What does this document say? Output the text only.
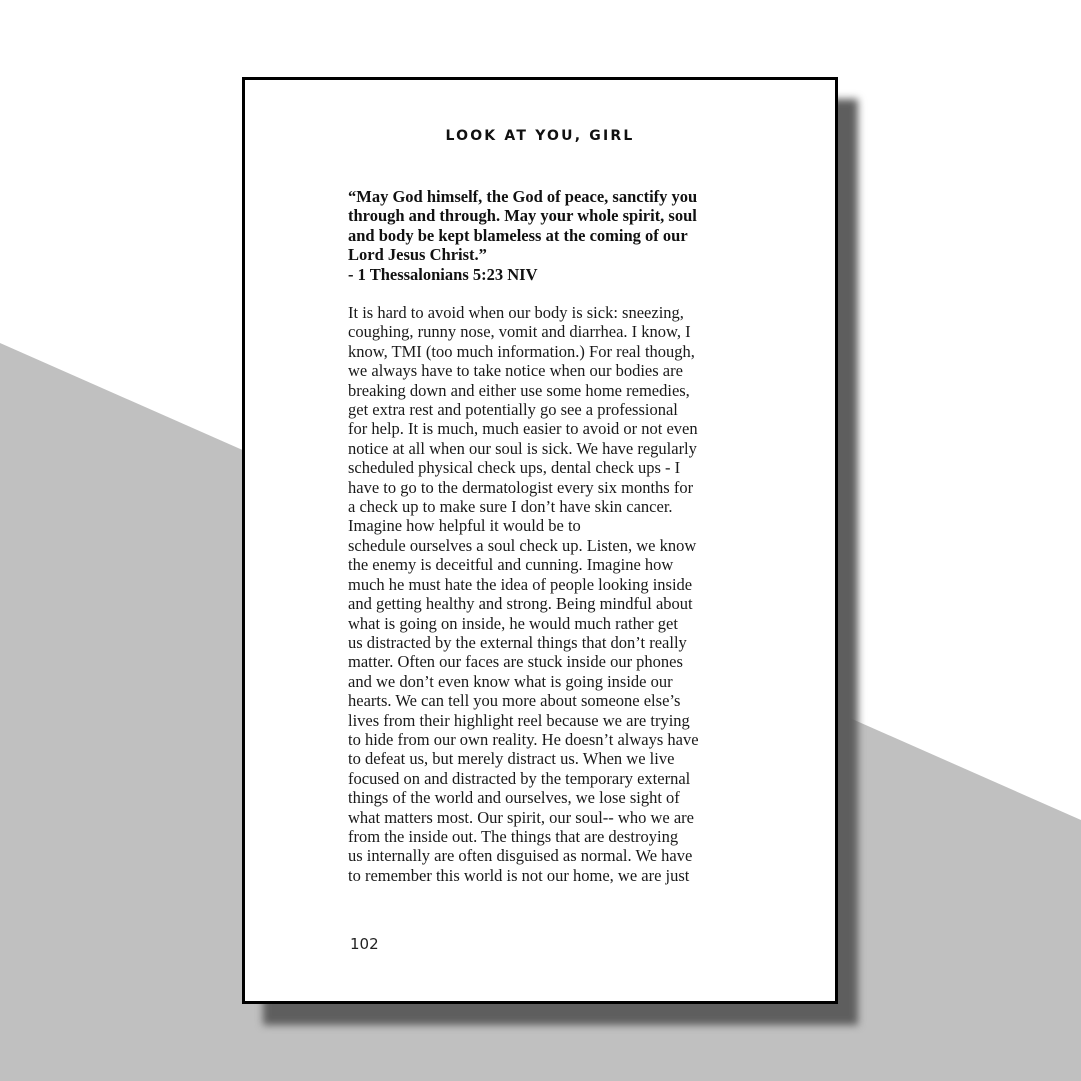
LOOK AT YOU, GIRL
“May God himself, the God of peace, sanctify you
through and through. May your whole spirit, soul
and body be kept blameless at the coming of our
Lord Jesus Christ.”
- 1 Thessalonians 5:23 NIV
It is hard to avoid when our body is sick: sneezing,
coughing, runny nose, vomit and diarrhea. I know, I
know, TMI (too much information.) For real though,
we always have to take notice when our bodies are
breaking down and either use some home remedies,
get extra rest and potentially go see a professional
for help. It is much, much easier to avoid or not even
notice at all when our soul is sick. We have regularly
scheduled physical check ups, dental check ups - I
have to go to the dermatologist every six months for
a check up to make sure I don’t have skin cancer.
Imagine how helpful it would be to
schedule ourselves a soul check up. Listen, we know
the enemy is deceitful and cunning. Imagine how
much he must hate the idea of people looking inside
and getting healthy and strong. Being mindful about
what is going on inside, he would much rather get
us distracted by the external things that don’t really
matter. Often our faces are stuck inside our phones
and we don’t even know what is going inside our
hearts. We can tell you more about someone else’s
lives from their highlight reel because we are trying
to hide from our own reality. He doesn’t always have
to defeat us, but merely distract us. When we live
focused on and distracted by the temporary external
things of the world and ourselves, we lose sight of
what matters most. Our spirit, our soul-- who we are
from the inside out. The things that are destroying
us internally are often disguised as normal. We have
to remember this world is not our home, we are just
102
